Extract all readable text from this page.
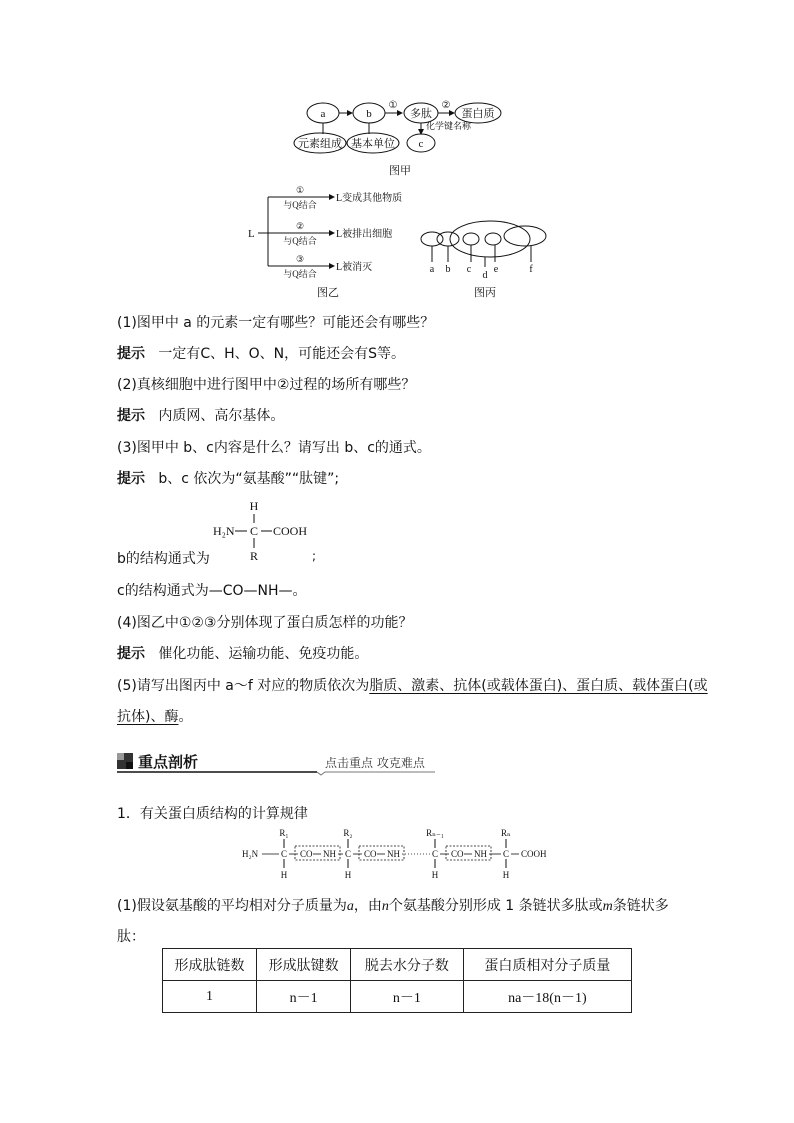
a	b
①
多肽
②
蛋白质
元素组成 基本单位
化学键名称
c
图甲
L
①
与Q结合
②
与Q结合
③
与Q结合
L变成其他物质
L被排出细胞
L被消灭
图乙
a b c
d
e	f
图丙
(1)图甲中 a 的元素一定有哪些？可能还会有哪些？
提示 一定有C、H、O、N，可能还会有S等。
(2)真核细胞中进行图甲中②过程的场所有哪些？
提示 内质网、高尔基体。
(3)图甲中 b、c内容是什么？请写出 b、c的通式。
提示 b、c 依次为“氨基酸”“肽键”;
H
H₂N C COOH
R
b的结构通式为	;
c的结构通式为—CO—NH—。
(4)图乙中①②③分别体现了蛋白质怎样的功能？
提示 催化功能、运输功能、免疫功能。
(5)请写出图丙中 a～f 对应的物质依次为脂质、激素、抗体(或载体蛋白)、蛋白质、载体蛋白(或
抗体)、酶。
重点剖析	点击重点 攻克难点
1．有关蛋白质结构的计算规律
R₁	R₂	Rₙ₋₁	Rₙ
H₂N	C CO NH C CO NH	C CO NH C COOH
H	H	H	H
(1)假设氨基酸的平均相对分子质量为a，由n个氨基酸分别形成 1 条链状多肽或m条链状多
肽：
形成肽链数	形成肽键数	脱去水分子数	蛋白质相对分子质量
1	n－1	n－1	na－18(n－1)
